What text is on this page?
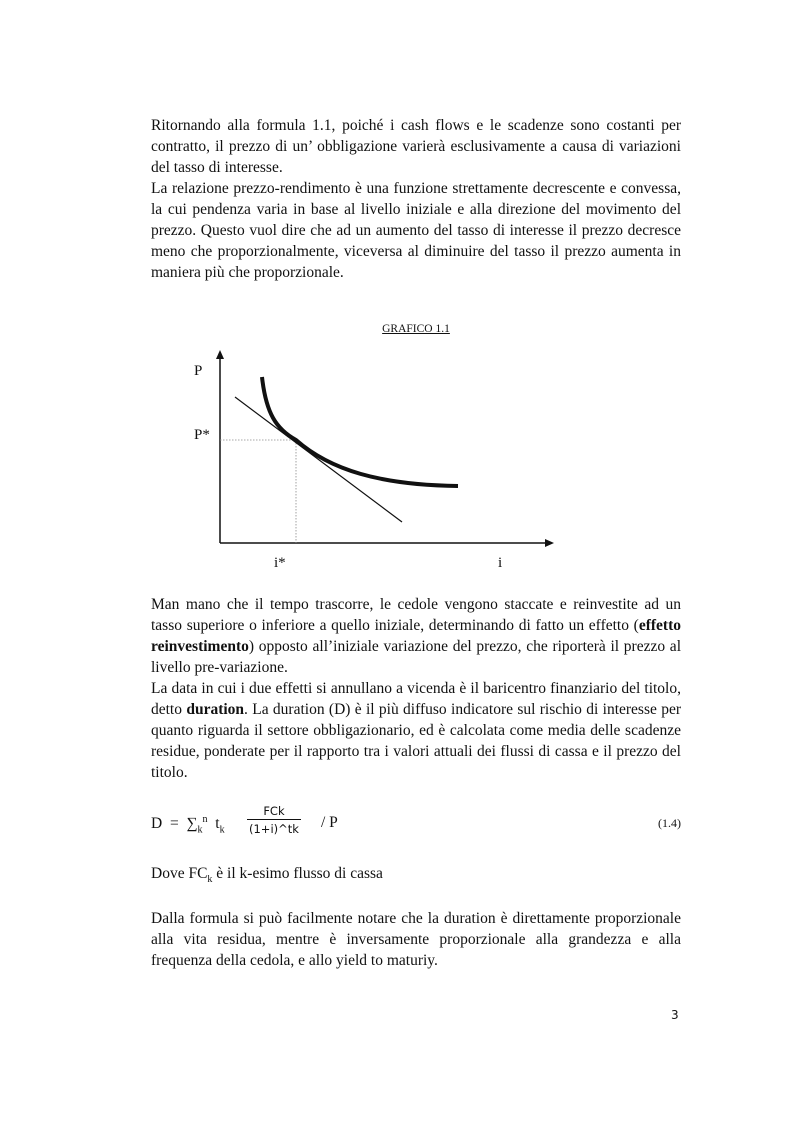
Ritornando alla formula 1.1, poiché i cash flows e le scadenze sono costanti per contratto, il prezzo di un’ obbligazione varierà esclusivamente a causa di variazioni del tasso di interesse.

La relazione prezzo-rendimento è una funzione strettamente decrescente e convessa, la cui pendenza varia in base al livello iniziale e alla direzione del movimento del prezzo. Questo vuol dire che ad un aumento del tasso di interesse il prezzo decresce meno che proporzionalmente, viceversa al diminuire del tasso il prezzo aumenta in maniera più che proporzionale.

GRAFICO 1.1
P
P*
i*	i

Man mano che il tempo trascorre, le cedole vengono staccate e reinvestite ad un tasso superiore o inferiore a quello iniziale, determinando di fatto un effetto (effetto reinvestimento) opposto all’iniziale variazione del prezzo, che riporterà il prezzo al livello pre-variazione.

La data in cui i due effetti si annullano a vicenda è il baricentro finanziario del titolo, detto duration. La duration (D) è il più diffuso indicatore sul rischio di interesse per quanto riguarda il settore obbligazionario, ed è calcolata come media delle scadenze residue, ponderate per il rapporto tra i valori attuali dei flussi di cassa e il prezzo del titolo.

$D = \sum_k^n$ $t_k$
FCk
(1+i)^tk / P	(1.4)
Dove $FC_k$ è il k-esimo flusso di cassa

Dalla formula si può facilmente notare che la duration è direttamente proporzionale alla vita residua, mentre è inversamente proporzionale alla grandezza e alla frequenza della cedola, e allo yield to maturiy.

3
